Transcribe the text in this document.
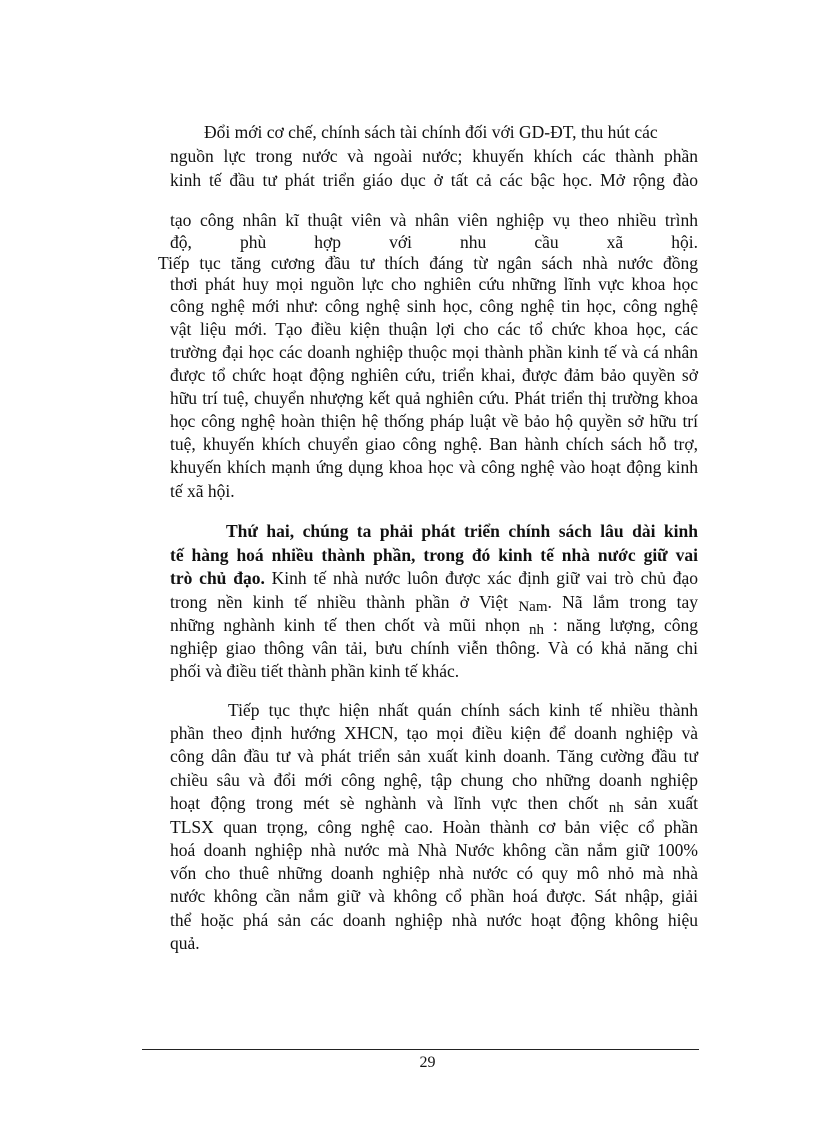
Đổi mới cơ chế, chính sách tài chính đối với GD-ĐT, thu hút các
nguồn lực trong nước và ngoài nước; khuyến khích các thành phần
kinh tế đầu tư phát triển giáo dục ở tất cả các bậc học. Mở rộng đào
tạo công nhân kĩ thuật viên và nhân viên nghiệp vụ theo nhiều trình
độ, phù hợp với nhu cầu xã hội.
Tiếp tục tăng cương đầu tư thích đáng từ ngân sách nhà nước đồng
thơi phát huy mọi nguồn lực cho nghiên cứu những lĩnh vực khoa học
công nghệ mới như: công nghệ sinh học, công nghệ tin học, công nghệ
vật liệu mới. Tạo điều kiện thuận lợi cho các tổ chức khoa học, các
trường đại học các doanh nghiệp thuộc mọi thành phần kinh tế và cá nhân
được tổ chức hoạt động nghiên cứu, triển khai, được đảm bảo quyền sở
hữu trí tuệ, chuyển nhượng kết quả nghiên cứu. Phát triển thị trường khoa
học công nghệ hoàn thiện hệ thống pháp luật về bảo hộ quyền sở hữu trí
tuệ, khuyến khích chuyển giao công nghệ. Ban hành chích sách hỗ trợ,
khuyến khích mạnh ứng dụng khoa học và công nghệ vào hoạt động kinh
tế xã hội.
Thứ hai, chúng ta phải phát triển chính sách lâu dài kinh
tế hàng hoá nhiều thành phần, trong đó kinh tế nhà nước giữ vai
trò chủ đạo. Kinh tế nhà nước luôn được xác định giữ vai trò chủ đạo
trong nền kinh tế nhiều thành phần ở Việt Nam. Nã lắm trong tay
những nghành kinh tế then chốt và mũi nhọn nh : năng lượng, công
nghiệp giao thông vân tải, bưu chính viễn thông. Và có khả năng chi
phối và điều tiết thành phần kinh tế khác.
Tiếp tục thực hiện nhất quán chính sách kinh tế nhiều thành
phần theo định hướng XHCN, tạo mọi điều kiện để doanh nghiệp và
công dân đầu tư và phát triển sản xuất kinh doanh. Tăng cường đầu tư
chiều sâu và đổi mới công nghệ, tập chung cho những doanh nghiệp
hoạt động trong mét sè nghành và lĩnh vực then chốt nh sản xuất
TLSX quan trọng, công nghệ cao. Hoàn thành cơ bản việc cổ phần
hoá doanh nghiệp nhà nước mà Nhà Nước không cần nắm giữ 100%
vốn cho thuê những doanh nghiệp nhà nước có quy mô nhỏ mà nhà
nước không cần nắm giữ và không cổ phần hoá được. Sát nhập, giải
thể hoặc phá sản các doanh nghiệp nhà nước hoạt động không hiệu
quả.
29
